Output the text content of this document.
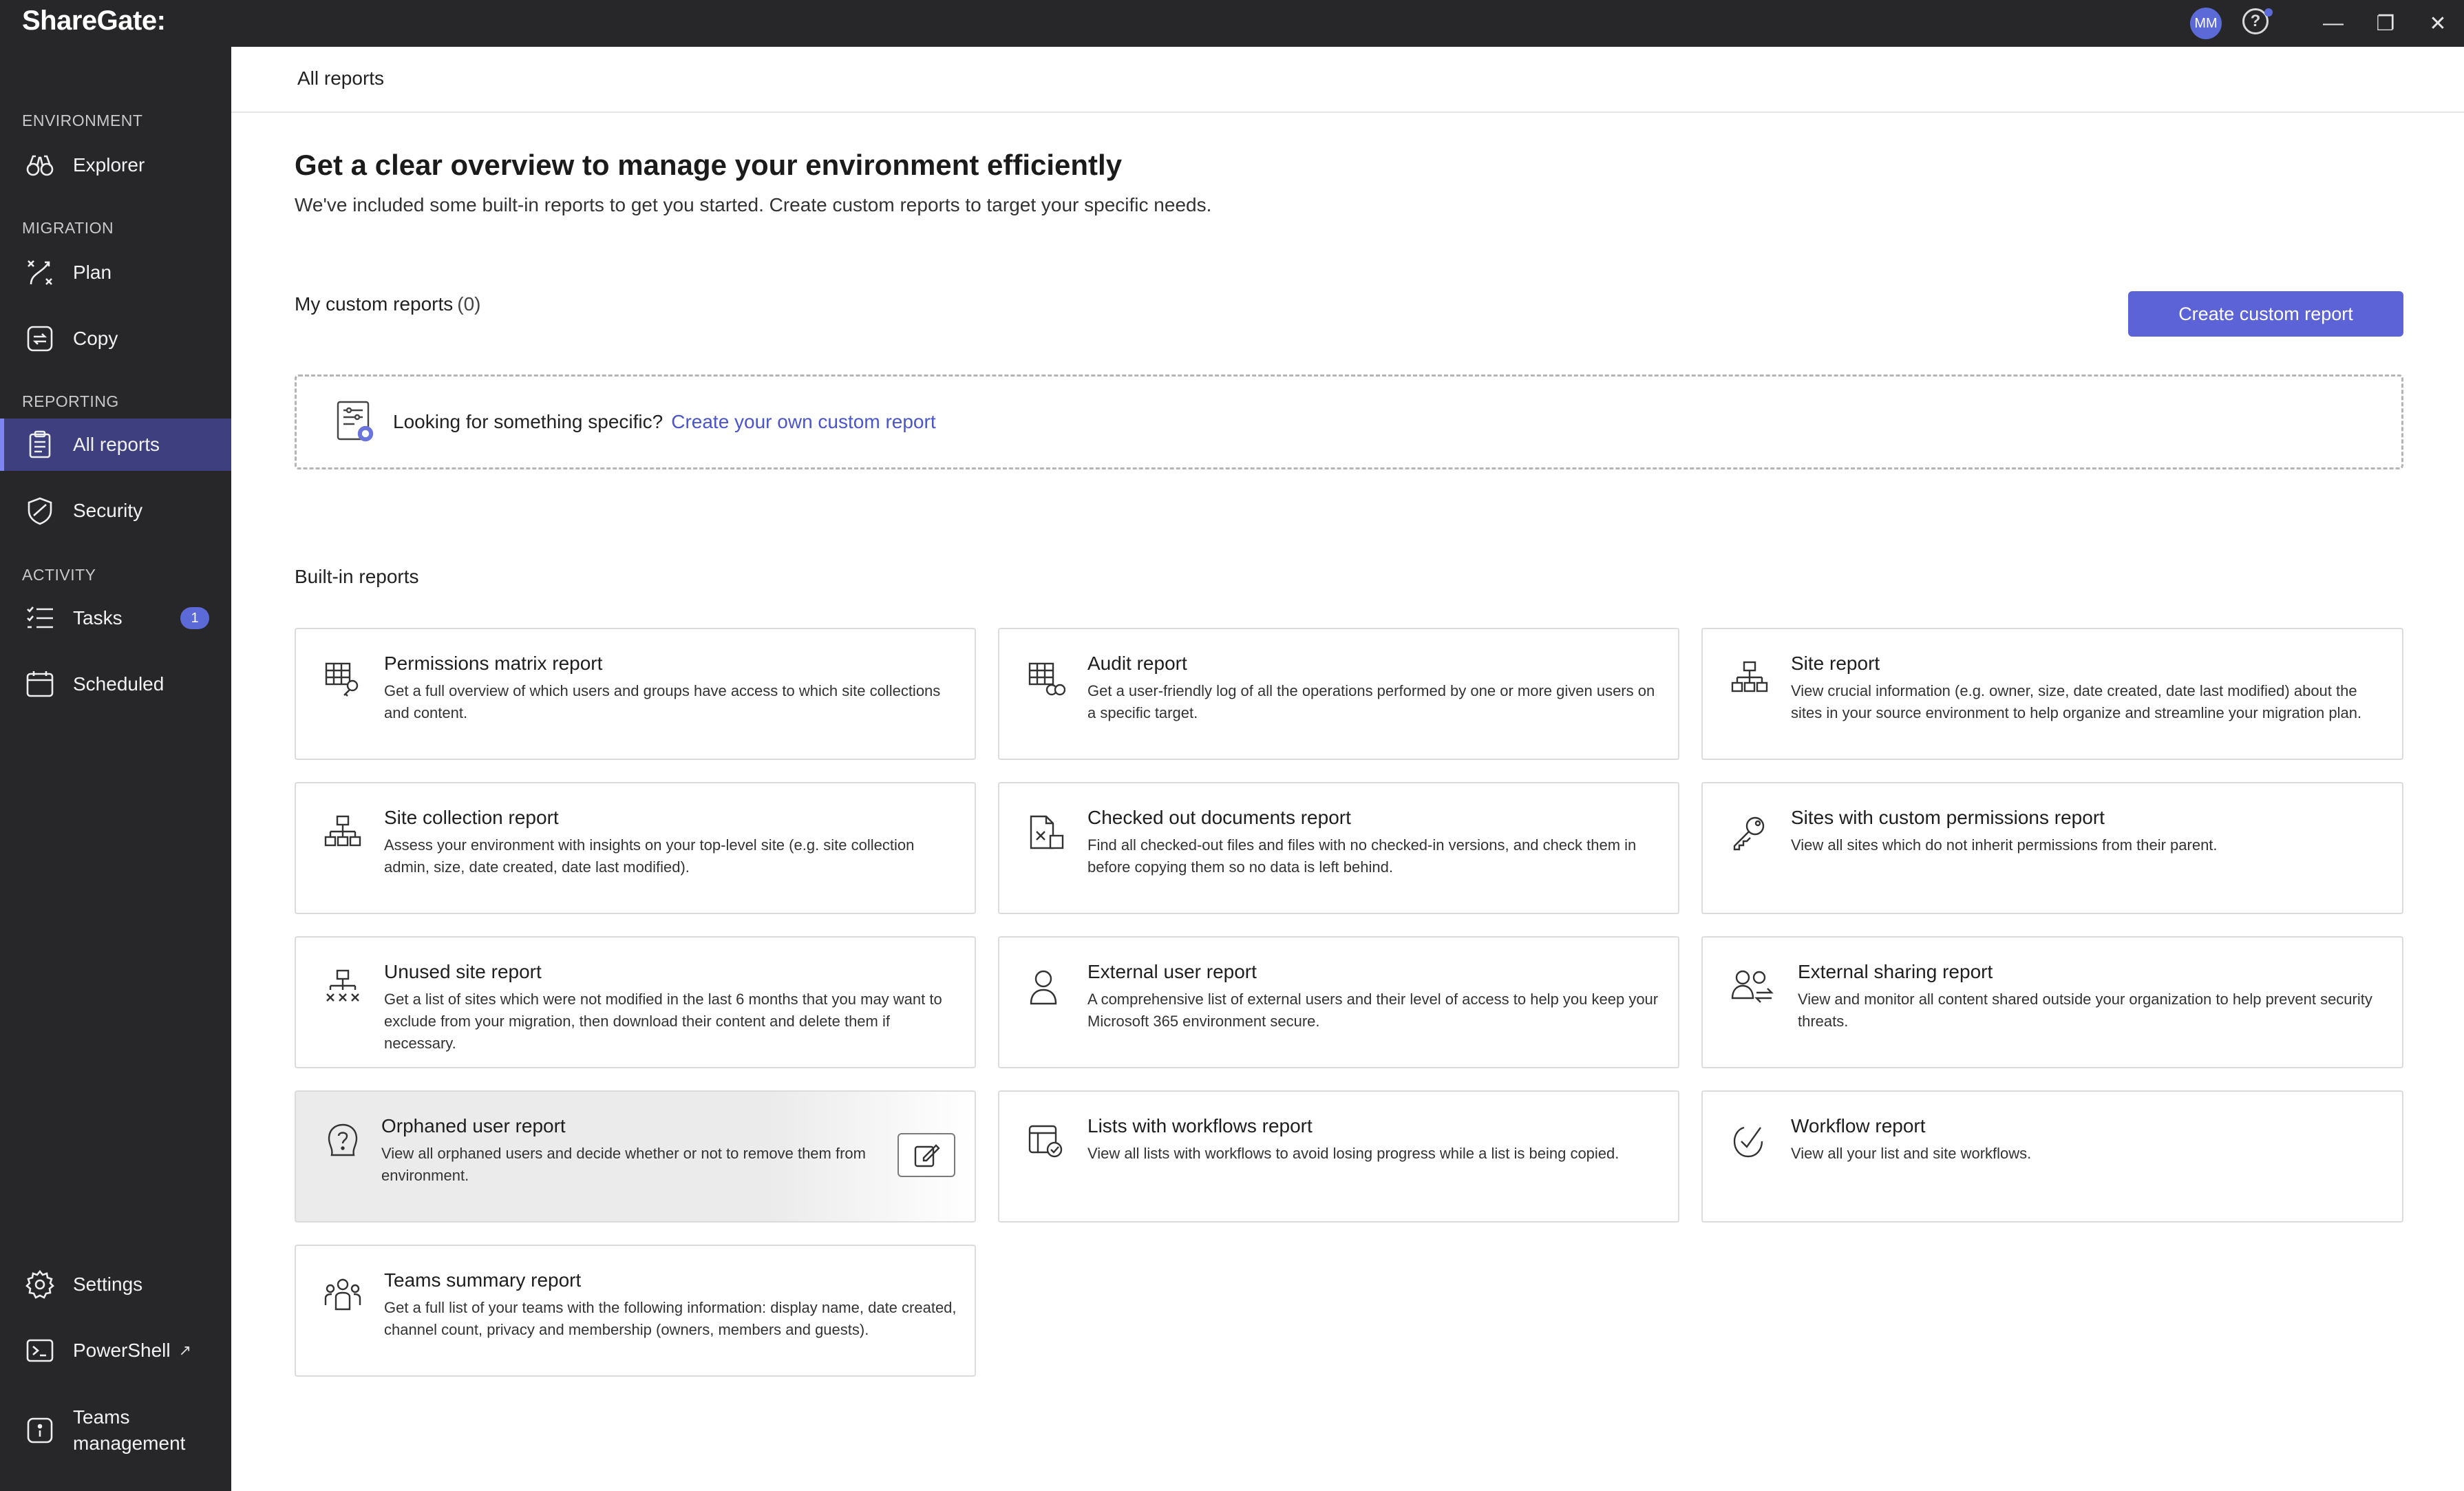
ShareGate:	MM	?	—	❐	✕
ENVIRONMENT
Explorer
MIGRATION
Plan
Copy
REPORTING
All reports
Security
ACTIVITY
Tasks	1
Scheduled
Settings
PowerShell ↗
Teams management
All reports
Get a clear overview to manage your environment efficiently
We've included some built-in reports to get you started. Create custom reports to target your specific needs.
My custom reports (0)	Create custom report
Looking for something specific? Create your own custom report
Built-in reports
Permissions matrix report
Get a full overview of which users and groups have access to which site collections and content.
Audit report
Get a user-friendly log of all the operations performed by one or more given users on a specific target.
Site report
View crucial information (e.g. owner, size, date created, date last modified) about the sites in your source environment to help organize and streamline your migration plan.
Site collection report
Assess your environment with insights on your top-level site (e.g. site collection admin, size, date created, date last modified).
Checked out documents report
Find all checked-out files and files with no checked-in versions, and check them in before copying them so no data is left behind.
Sites with custom permissions report
View all sites which do not inherit permissions from their parent.
Unused site report
Get a list of sites which were not modified in the last 6 months that you may want to exclude from your migration, then download their content and delete them if necessary.
External user report
A comprehensive list of external users and their level of access to help you keep your Microsoft 365 environment secure.
External sharing report
View and monitor all content shared outside your organization to help prevent security threats.
Orphaned user report
View all orphaned users and decide whether or not to remove them from environment.
Lists with workflows report
View all lists with workflows to avoid losing progress while a list is being copied.
Workflow report
View all your list and site workflows.
Teams summary report
Get a full list of your teams with the following information: display name, date created, channel count, privacy and membership (owners, members and guests).
